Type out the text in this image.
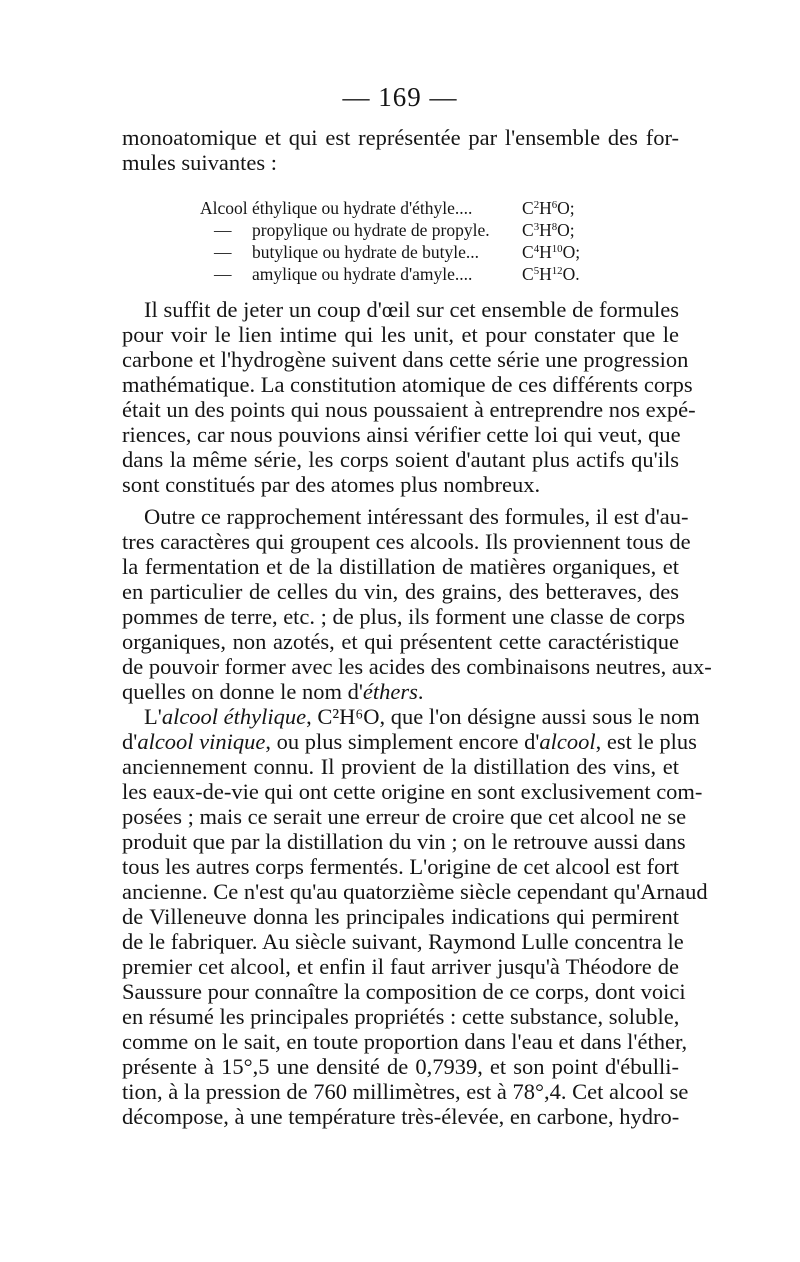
— 169 —
monoatomique et qui est représentée par l'ensemble des for-
mules suivantes :
Alcool éthylique ou hydrate d'éthyle....	$C^2H^6O$;
— propylique ou hydrate de propyle. $C^3H^8O$;
— butylique ou hydrate de butyle... $C^4H^{10}O$;
— amylique ou hydrate d'amyle....	$C^5H^{12}O$.
Il suffit de jeter un coup d'œil sur cet ensemble de formules
pour voir le lien intime qui les unit, et pour constater que le
carbone et l'hydrogène suivent dans cette série une progression
mathématique. La constitution atomique de ces différents corps
était un des points qui nous poussaient à entreprendre nos expé-
riences, car nous pouvions ainsi vérifier cette loi qui veut, que
dans la même série, les corps soient d'autant plus actifs qu'ils
sont constitués par des atomes plus nombreux.
Outre ce rapprochement intéressant des formules, il est d'au-
tres caractères qui groupent ces alcools. Ils proviennent tous de
la fermentation et de la distillation de matières organiques, et
en particulier de celles du vin, des grains, des betteraves, des
pommes de terre, etc. ; de plus, ils forment une classe de corps
organiques, non azotés, et qui présentent cette caractéristique
de pouvoir former avec les acides des combinaisons neutres, aux-
quelles on donne le nom d'éthers.
L'alcool éthylique, C²H⁶O, que l'on désigne aussi sous le nom
d'alcool vinique, ou plus simplement encore d'alcool, est le plus
anciennement connu. Il provient de la distillation des vins, et
les eaux-de-vie qui ont cette origine en sont exclusivement com-
posées ; mais ce serait une erreur de croire que cet alcool ne se
produit que par la distillation du vin ; on le retrouve aussi dans
tous les autres corps fermentés. L'origine de cet alcool est fort
ancienne. Ce n'est qu'au quatorzième siècle cependant qu'Arnaud
de Villeneuve donna les principales indications qui permirent
de le fabriquer. Au siècle suivant, Raymond Lulle concentra le
premier cet alcool, et enfin il faut arriver jusqu'à Théodore de
Saussure pour connaître la composition de ce corps, dont voici
en résumé les principales propriétés : cette substance, soluble,
comme on le sait, en toute proportion dans l'eau et dans l'éther,
présente à 15°,5 une densité de 0,7939, et son point d'ébulli-
tion, à la pression de 760 millimètres, est à 78°,4. Cet alcool se
décompose, à une température très-élevée, en carbone, hydro-
